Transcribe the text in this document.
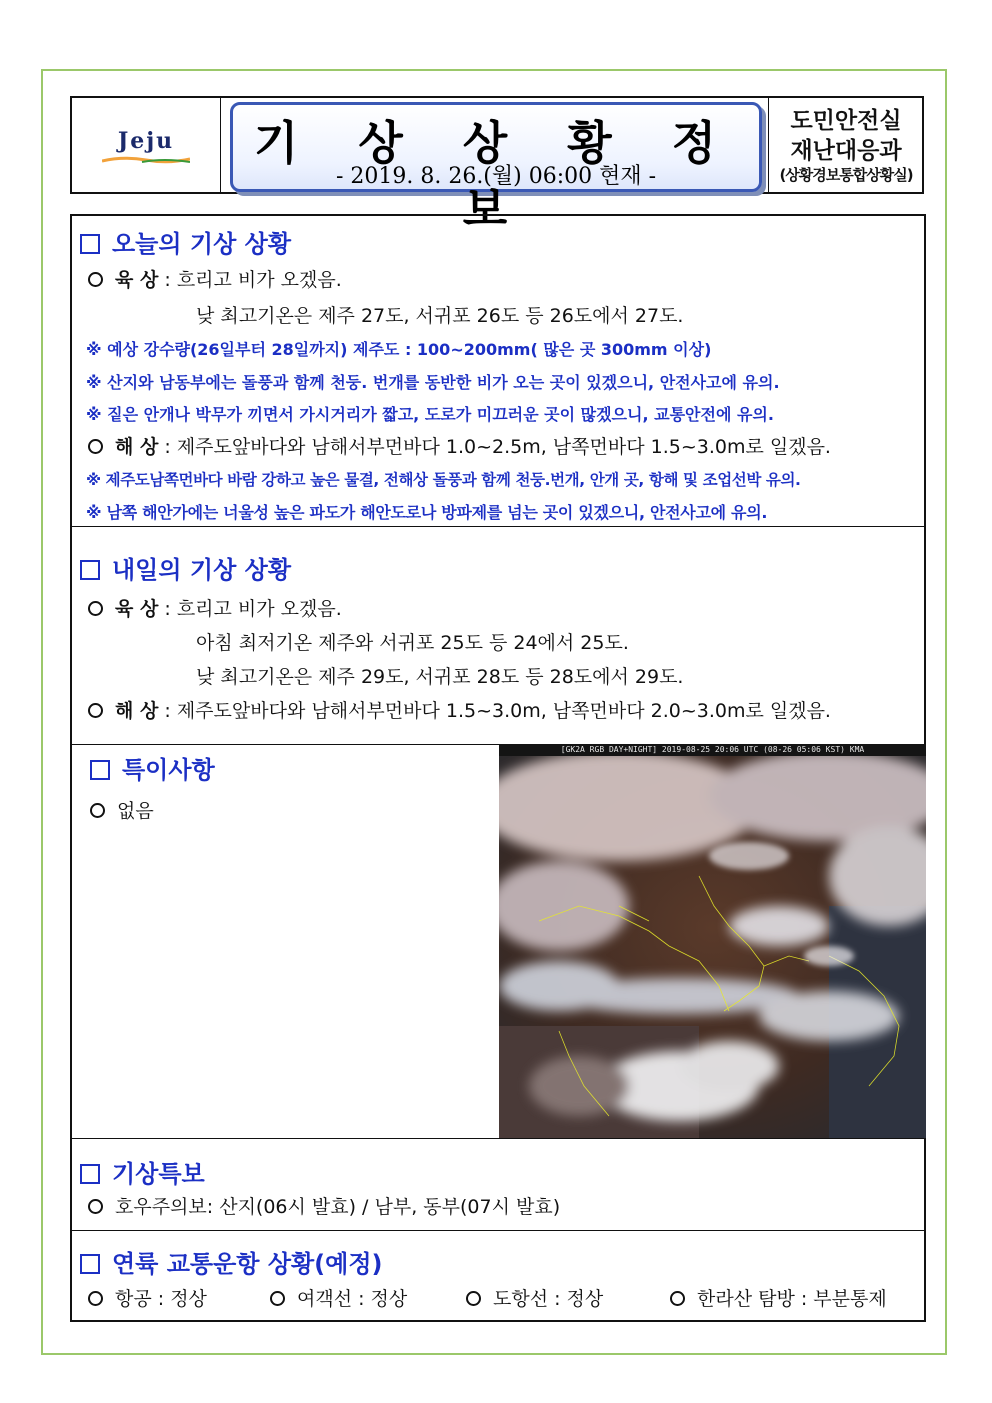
Jeju	기 상 상 황 정 보
- 2019. 8. 26.(월) 06:00 현재 -
도민안전실
재난대응과
(상황경보통합상황실)
오늘의 기상 상황
육 상 : 흐리고 비가 오겠음.
낮 최고기온은 제주 27도, 서귀포 26도 등 26도에서 27도.
※ 예상 강수량(26일부터 28일까지) 제주도 : 100~200mm( 많은 곳 300mm 이상)
※ 산지와 남동부에는 돌풍과 함께 천둥. 번개를 동반한 비가 오는 곳이 있겠으니, 안전사고에 유의.
※ 짙은 안개나 박무가 끼면서 가시거리가 짧고, 도로가 미끄러운 곳이 많겠으니, 교통안전에 유의.
해 상 : 제주도앞바다와 남해서부먼바다 1.0~2.5m, 남쪽먼바다 1.5~3.0m로 일겠음.
※ 제주도남쪽먼바다 바람 강하고 높은 물결, 전해상 돌풍과 함께 천둥.번개, 안개 곳, 항해 및 조업선박 유의.
※ 남쪽 해안가에는 너울성 높은 파도가 해안도로나 방파제를 넘는 곳이 있겠으니, 안전사고에 유의.
내일의 기상 상황
육 상 : 흐리고 비가 오겠음.
아침 최저기온 제주와 서귀포 25도 등 24에서 25도.
낮 최고기온은 제주 29도, 서귀포 28도 등 28도에서 29도.
해 상 : 제주도앞바다와 남해서부먼바다 1.5~3.0m, 남쪽먼바다 2.0~3.0m로 일겠음.
특이사항
없음
[GK2A RGB DAY+NIGHT] 2019-08-25 20:06 UTC (08-26 05:06 KST) KMA
기상특보
호우주의보: 산지(06시 발효) / 남부, 동부(07시 발효)
연륙 교통운항 상황(예정)
항공 : 정상	여객선 : 정상	도항선 : 정상	한라산 탐방 : 부분통제
